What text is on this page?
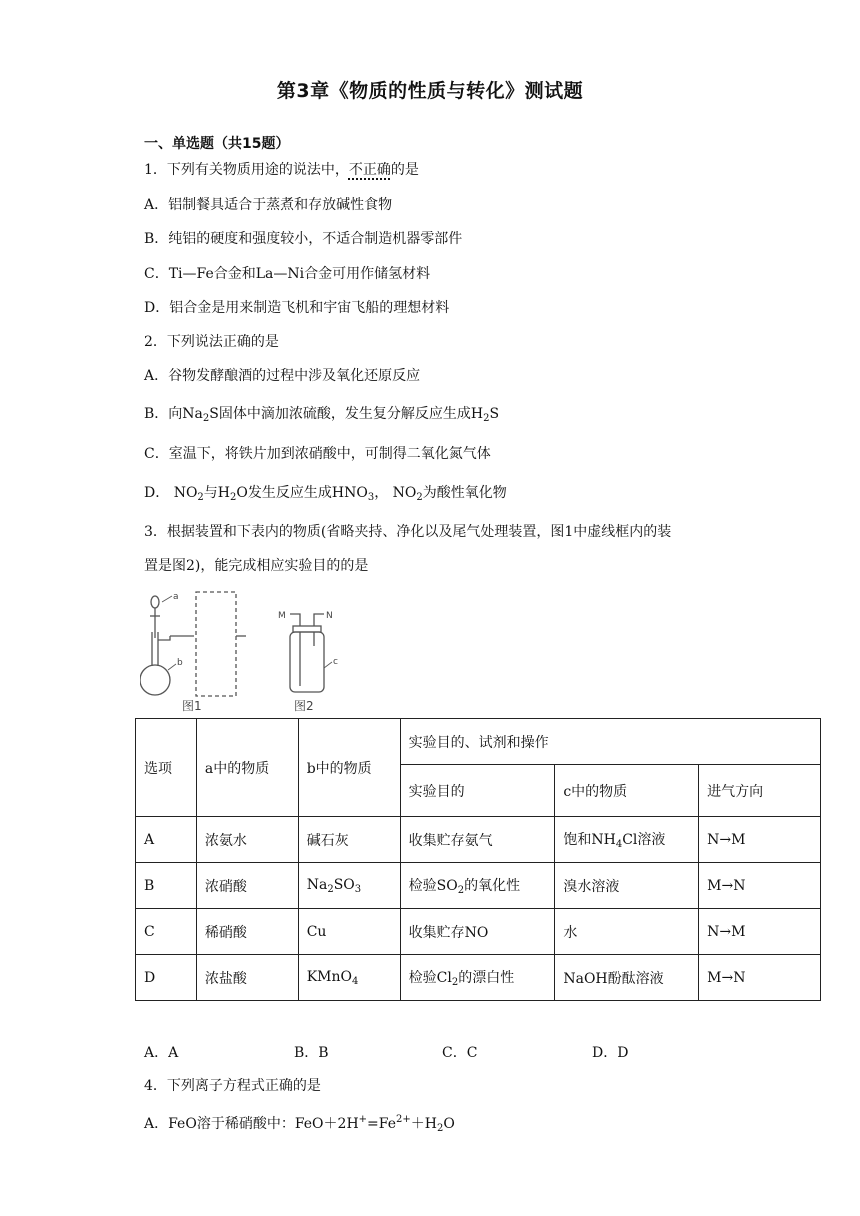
第3章《物质的性质与转化》测试题
一、单选题（共15题）
1．下列有关物质用途的说法中，不正确的是
A．铝制餐具适合于蒸煮和存放碱性食物
B．纯铝的硬度和强度较小，不适合制造机器零部件
C．Ti—Fe合金和La—Ni合金可用作储氢材料
D．铝合金是用来制造飞机和宇宙飞船的理想材料
2．下列说法正确的是
A．谷物发酵酿酒的过程中涉及氧化还原反应
B．向$Na_2S$固体中滴加浓硫酸，发生复分解反应生成$H_2S$
C．室温下，将铁片加到浓硝酸中，可制得二氧化氮气体
D． $NO_2$与$H_2O$发生反应生成$HNO_3$， $NO_2$为酸性氧化物
3．根据装置和下表内的物质(省略夹持、净化以及尾气处理装置，图1中虚线框内的装
置是图2)，能完成相应实验目的的是
a
b	c
M	N
图1	图2
选项	a中的物质	b中的物质	实验目的、试剂和操作		
			实验目的	c中的物质	进气方向
A	浓氨水	碱石灰	收集贮存氨气	饱和$NH_4Cl$溶液	N→M
B	浓硝酸	$Na_2SO_3$	检验$SO_2$的氧化性	溴水溶液	M→N
C	稀硝酸	Cu	收集贮存NO	水	N→M
D	浓盐酸	KMnO$_4$	检验$Cl_2$的漂白性	NaOH酚酞溶液	M→N
A．A	B．B	C．C	D．D
4．下列离子方程式正确的是
A．FeO溶于稀硝酸中：$FeO+2H^+=Fe^{2+}+H_2O$
